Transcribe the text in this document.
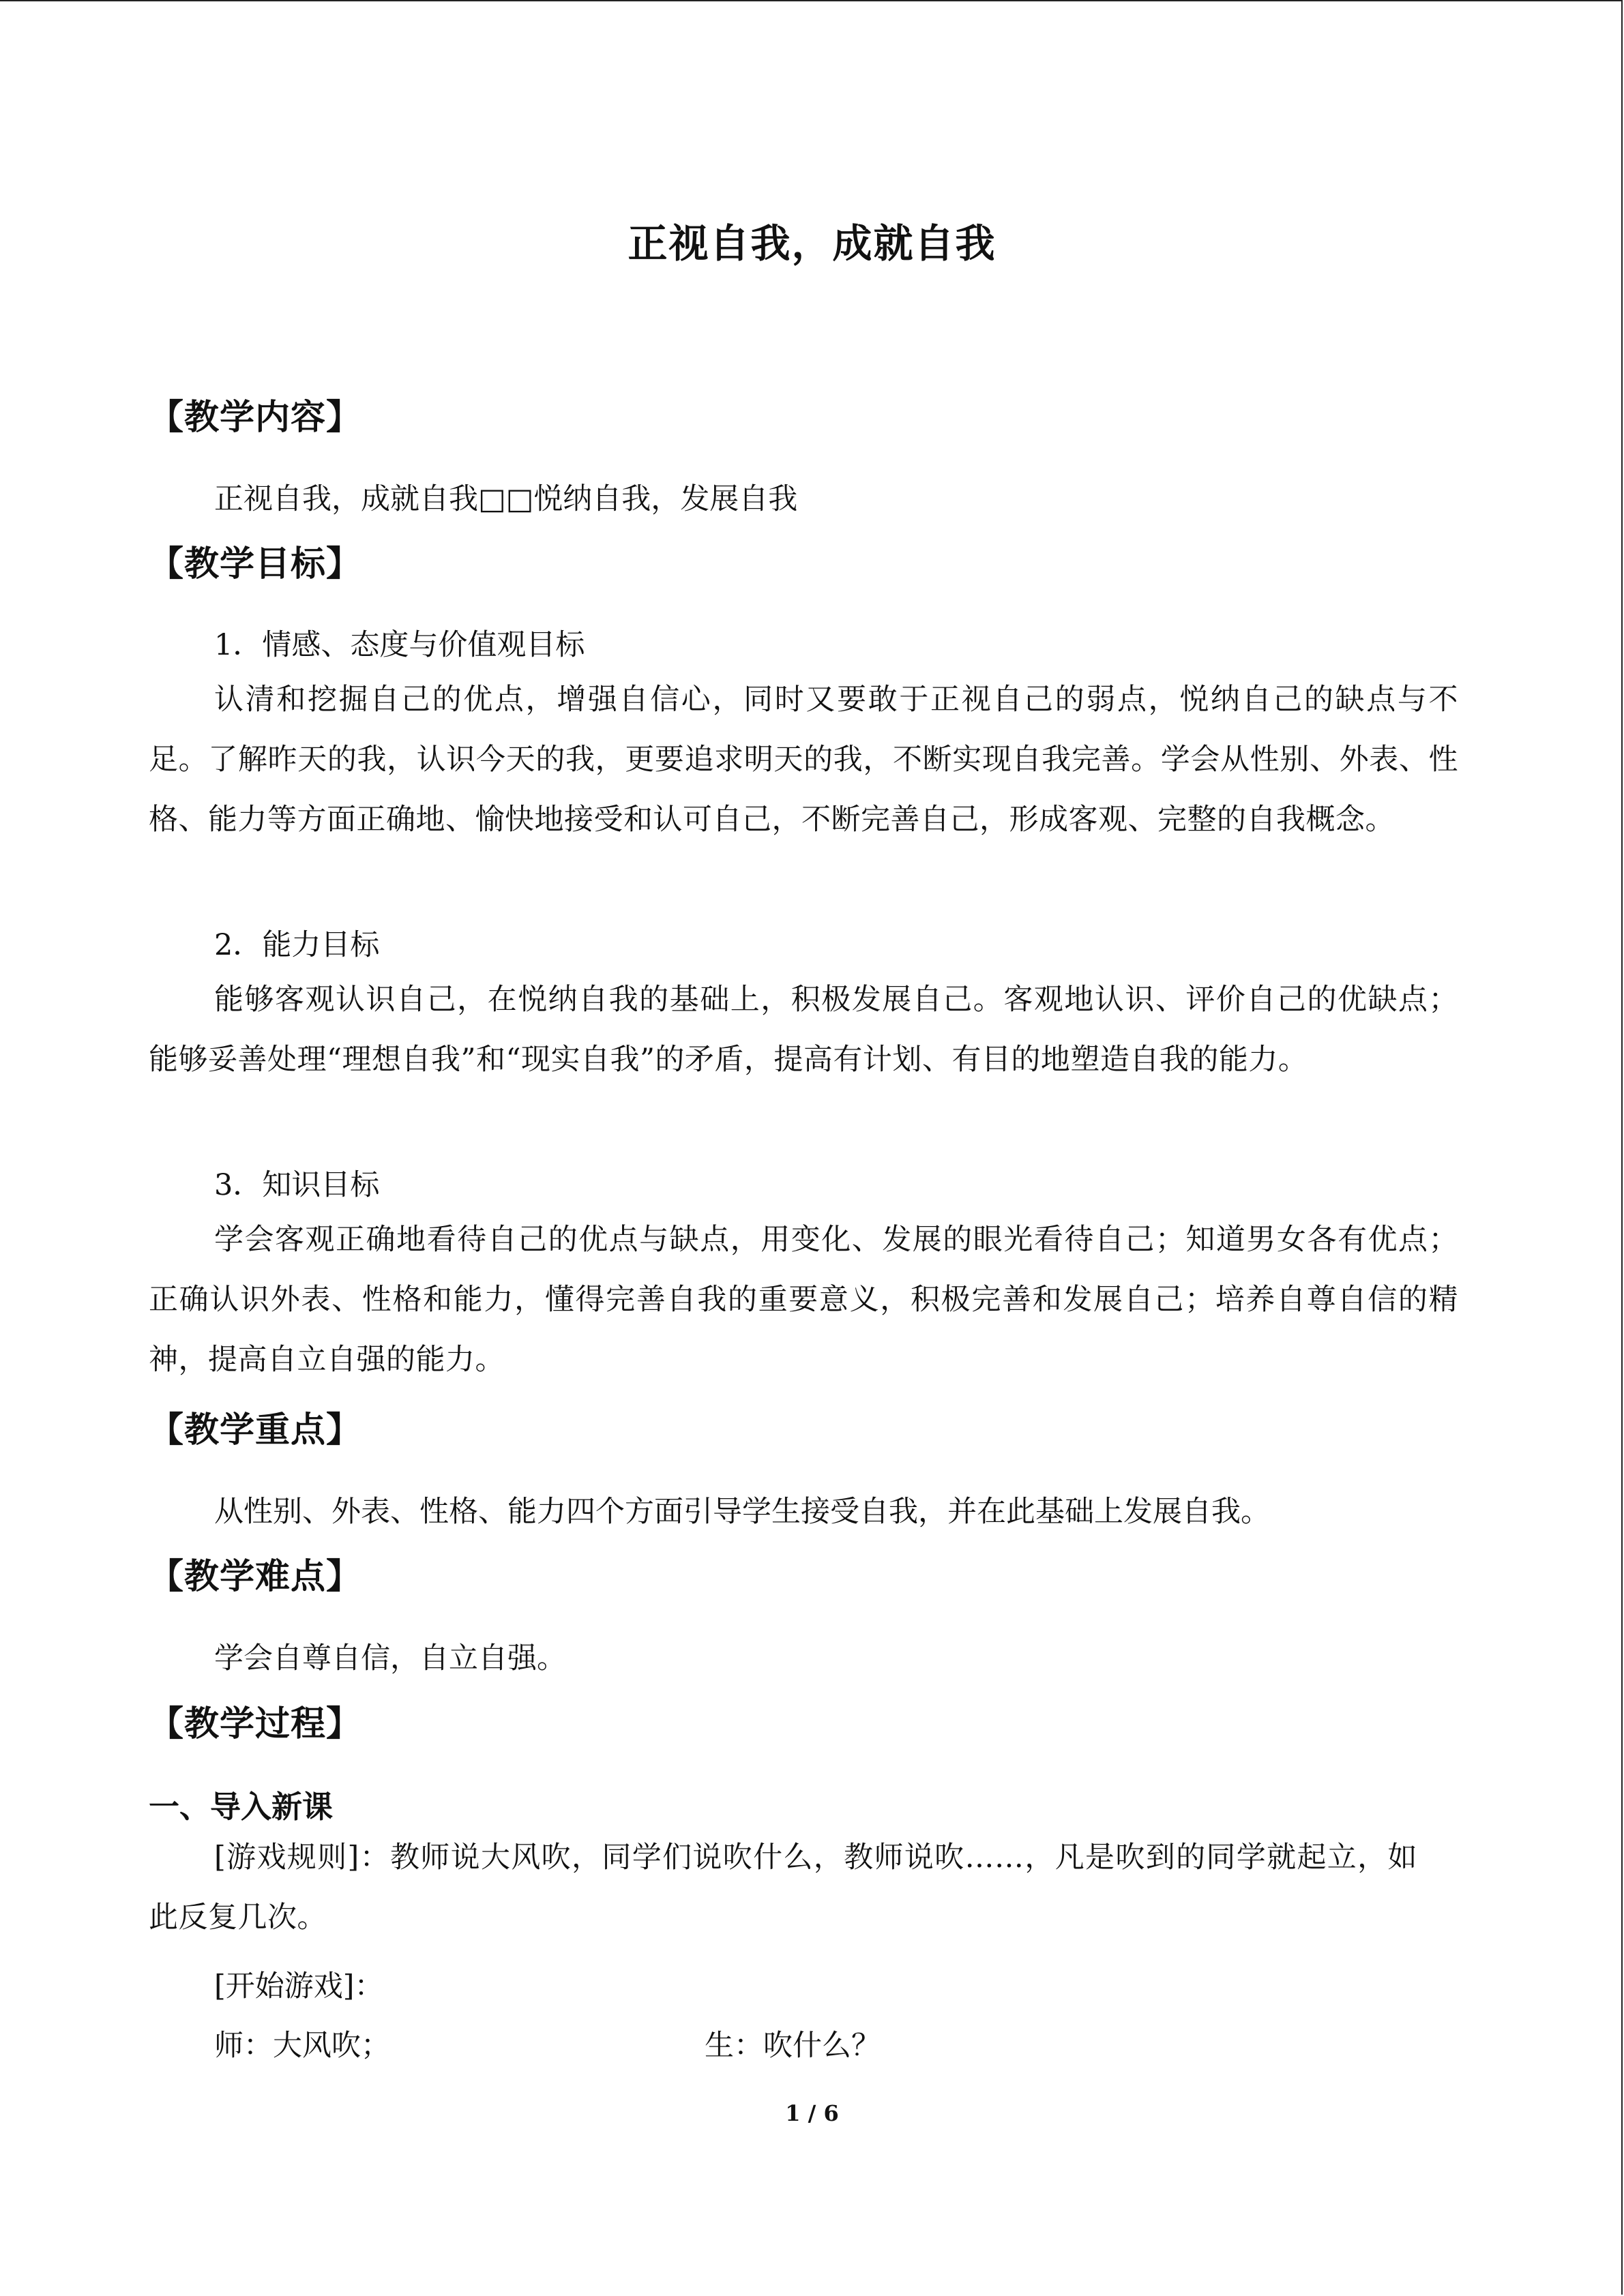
正视自我，成就自我
【教学内容】
正视自我，成就自我□□悦纳自我，发展自我
【教学目标】
1．情感、态度与价值观目标
认清和挖掘自己的优点，增强自信心，同时又要敢于正视自己的弱点，悦纳自己的缺点与不足。了解昨天的我，认识今天的我，更要追求明天的我，不断实现自我完善。学会从性别、外表、性格、能力等方面正确地、愉快地接受和认可自己，不断完善自己，形成客观、完整的自我概念。
2．能力目标
能够客观认识自己，在悦纳自我的基础上，积极发展自己。客观地认识、评价自己的优缺点；能够妥善处理“理想自我”和“现实自我”的矛盾，提高有计划、有目的地塑造自我的能力。
3．知识目标
学会客观正确地看待自己的优点与缺点，用变化、发展的眼光看待自己；知道男女各有优点；正确认识外表、性格和能力，懂得完善自我的重要意义，积极完善和发展自己；培养自尊自信的精神，提高自立自强的能力。
【教学重点】
从性别、外表、性格、能力四个方面引导学生接受自我，并在此基础上发展自我。
【教学难点】
学会自尊自信，自立自强。
【教学过程】
一、导入新课
[游戏规则]：教师说大风吹，同学们说吹什么，教师说吹……，凡是吹到的同学就起立，如此反复几次。
[开始游戏]：
师：大风吹；	生：吹什么？
1 / 6
